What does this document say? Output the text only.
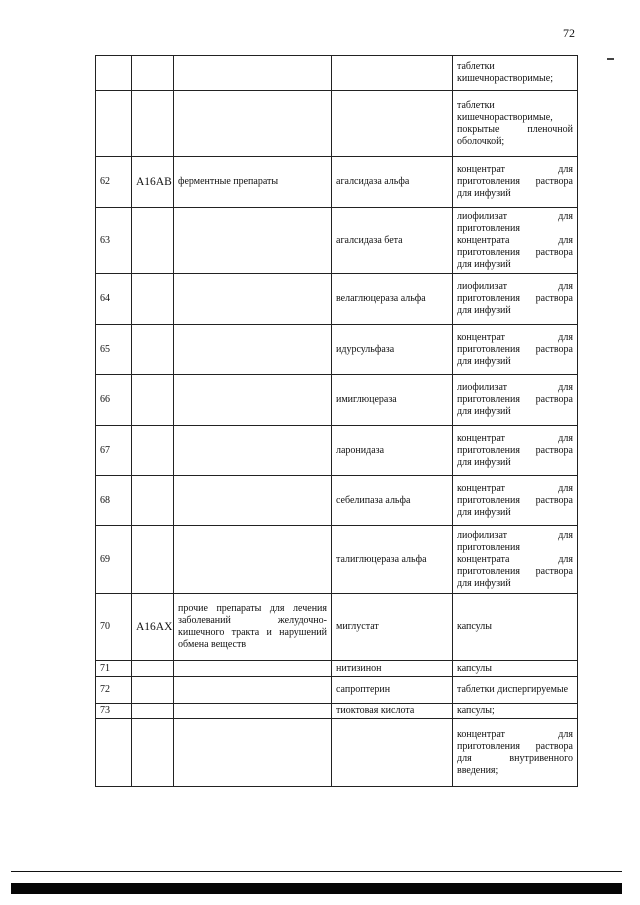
72
				таблетки кишечнорастворимые;
				таблетки кишечнорастворимые, покрытые пленочной оболочкой;
62	A16AB	ферментные препараты	агалсидаза альфа	концентрат для приготовления раствора для инфузий
63			агалсидаза бета	лиофилизат для приготовления концентрата для приготовления раствора для инфузий
64			велаглюцераза альфа	лиофилизат для приготовления раствора для инфузий
65			идурсульфаза	концентрат для приготовления раствора для инфузий
66			имиглюцераза	лиофилизат для приготовления раствора для инфузий
67			ларонидаза	концентрат для приготовления раствора для инфузий
68			себелипаза альфа	концентрат для приготовления раствора для инфузий
69			талиглюцераза альфа	лиофилизат для приготовления концентрата для приготовления раствора для инфузий
70	A16AX	прочие препараты для лечения заболеваний желудочно-кишечного тракта и нарушений обмена веществ	миглустат	капсулы
71			нитизинон	капсулы
72			сапроптерин	таблетки диспергируемые
73			тиоктовая кислота	капсулы;
				концентрат для приготовления раствора для внутривенного введения;
